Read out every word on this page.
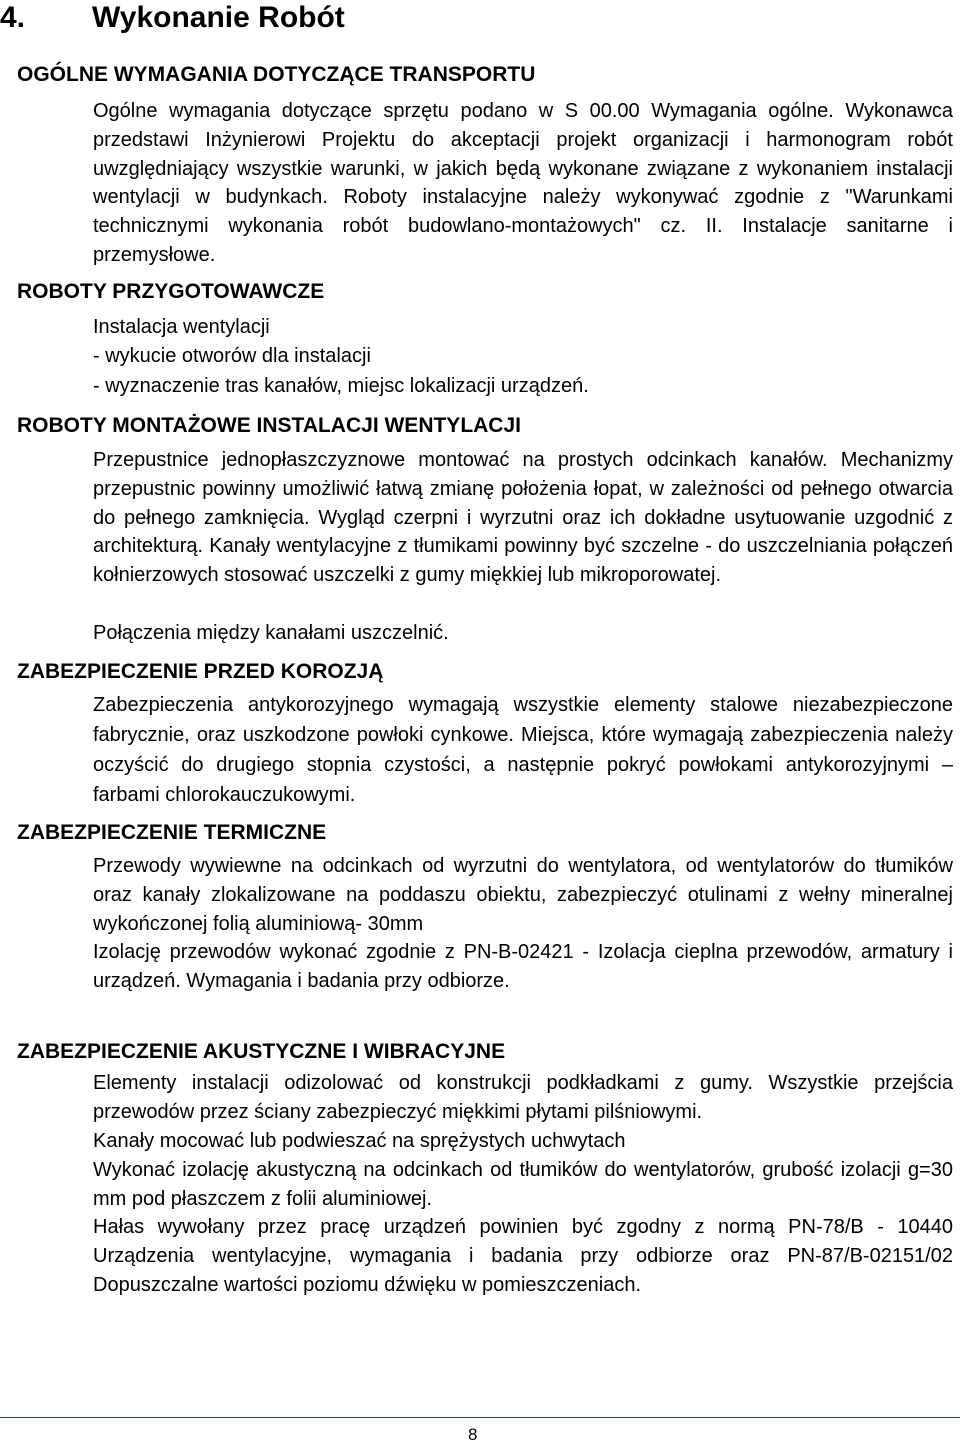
4. Wykonanie Robót
OGÓLNE WYMAGANIA DOTYCZĄCE TRANSPORTU

Ogólne wymagania dotyczące sprzętu podano w S 00.00 Wymagania ogólne. Wykonawca przedstawi Inżynierowi Projektu do akceptacji projekt organizacji i harmonogram robót uwzględniający wszystkie warunki, w jakich będą wykonane związane z wykonaniem instalacji wentylacji w budynkach. Roboty instalacyjne należy wykonywać zgodnie z "Warunkami technicznymi wykonania robót budowlano-montażowych" cz. II. Instalacje sanitarne i przemysłowe.

ROBOTY PRZYGOTOWAWCZE
Instalacja wentylacji
- wykucie otworów dla instalacji
- wyznaczenie tras kanałów, miejsc lokalizacji urządzeń.
ROBOTY MONTAŻOWE INSTALACJI WENTYLACJI

Przepustnice jednopłaszczyznowe montować na prostych odcinkach kanałów. Mechanizmy przepustnic powinny umożliwić łatwą zmianę położenia łopat, w zależności od pełnego otwarcia do pełnego zamknięcia. Wygląd czerpni i wyrzutni oraz ich dokładne usytuowanie uzgodnić z architekturą. Kanały wentylacyjne z tłumikami powinny być szczelne - do uszczelniania połączeń kołnierzowych stosować uszczelki z gumy miękkiej lub mikroporowatej.

Połączenia między kanałami uszczelnić.

ZABEZPIECZENIE PRZED KOROZJĄ

Zabezpieczenia antykorozyjnego wymagają wszystkie elementy stalowe niezabezpieczone fabrycznie, oraz uszkodzone powłoki cynkowe. Miejsca, które wymagają zabezpieczenia należy oczyścić do drugiego stopnia czystości, a następnie pokryć powłokami antykorozyjnymi – farbami chlorokauczukowymi.

ZABEZPIECZENIE TERMICZNE

Przewody wywiewne na odcinkach od wyrzutni do wentylatora, od wentylatorów do tłumików oraz kanały zlokalizowane na poddaszu obiektu, zabezpieczyć otulinami z wełny mineralnej wykończonej folią aluminiową- 30mm

Izolację przewodów wykonać zgodnie z PN-B-02421 - Izolacja cieplna przewodów, armatury i urządzeń. Wymagania i badania przy odbiorze.

ZABEZPIECZENIE AKUSTYCZNE I WIBRACYJNE

Elementy instalacji odizolować od konstrukcji podkładkami z gumy. Wszystkie przejścia przewodów przez ściany zabezpieczyć miękkimi płytami pilśniowymi.

Kanały mocować lub podwieszać na sprężystych uchwytach

Wykonać izolację akustyczną na odcinkach od tłumików do wentylatorów, grubość izolacji g=30 mm pod płaszczem z folii aluminiowej.

Hałas wywołany przez pracę urządzeń powinien być zgodny z normą PN-78/B - 10440 Urządzenia wentylacyjne, wymagania i badania przy odbiorze oraz PN-87/B-02151/02 Dopuszczalne wartości poziomu dźwięku w pomieszczeniach.

8
